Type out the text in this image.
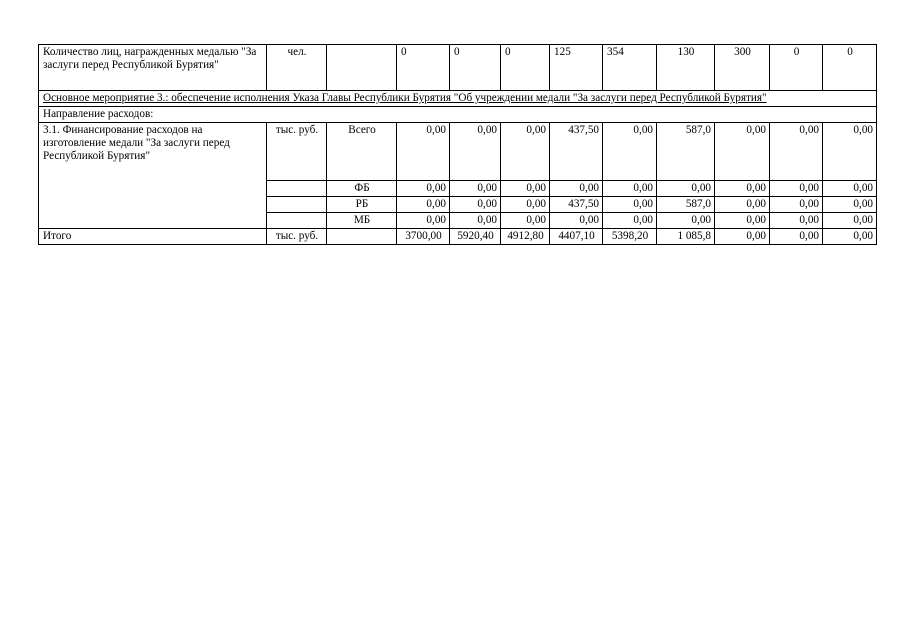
Количество лиц, награжденных медалью "За заслуги перед Республикой Бурятия"	чел.		0	0	0	125	354	130	300	0	0
Основное мероприятие 3.: обеспечение исполнения Указа Главы Республики Бурятия "Об учреждении медали "За заслуги перед Республикой Бурятия"											
Направление расходов:											
3.1. Финансирование расходов на изготовление медали "За заслуги перед Республикой Бурятия"	тыс. руб.	Всего	0,00	0,00	0,00	437,50	0,00	587,0	0,00	0,00	0,00
		ФБ	0,00	0,00	0,00	0,00	0,00	0,00	0,00	0,00	0,00
		РБ	0,00	0,00	0,00	437,50	0,00	587,0	0,00	0,00	0,00
		МБ	0,00	0,00	0,00	0,00	0,00	0,00	0,00	0,00	0,00
Итого	тыс. руб.		3700,00	5920,40	4912,80	4407,10	5398,20	1 085,8	0,00	0,00	0,00
